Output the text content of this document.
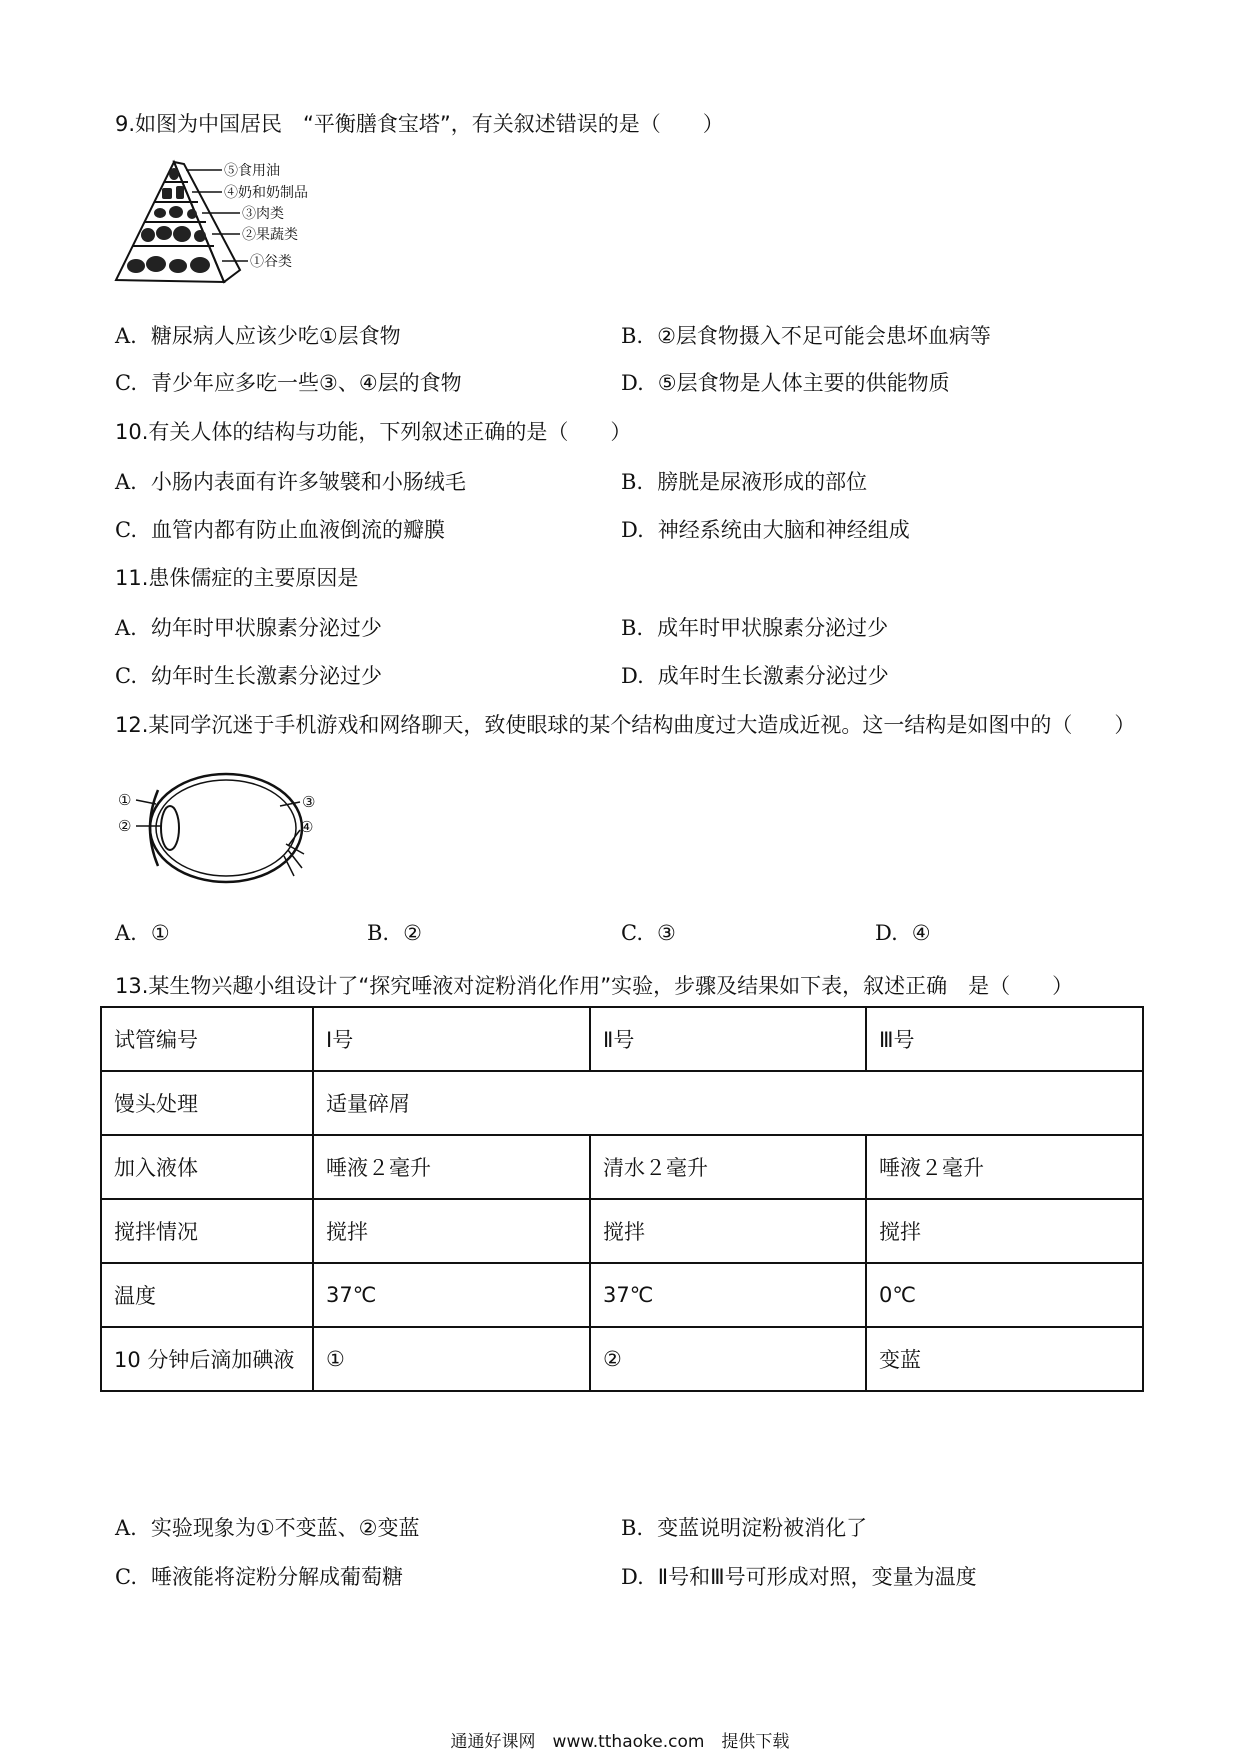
9.如图为中国居民　“平衡膳食宝塔”，有关叙述错误的是（　　）
⑤食用油
④奶和奶制品
③肉类
②果蔬类
①谷类
A. 糖尿病人应该少吃①层食物	B. ②层食物摄入不足可能会患坏血病等
C. 青少年应多吃一些③、④层的食物	D. ⑤层食物是人体主要的供能物质
10.有关人体的结构与功能，下列叙述正确的是（　　）
A. 小肠内表面有许多皱襞和小肠绒毛	B. 膀胱是尿液形成的部位
C. 血管内都有防止血液倒流的瓣膜	D. 神经系统由大脑和神经组成
11.患侏儒症的主要原因是
A. 幼年时甲状腺素分泌过少	B. 成年时甲状腺素分泌过少
C. 幼年时生长激素分泌过少	D. 成年时生长激素分泌过少
12.某同学沉迷于手机游戏和网络聊天，致使眼球的某个结构曲度过大造成近视。这一结构是如图中的（　　）
①
②
③
④
A. ①	B. ②	C. ③	D. ④
13.某生物兴趣小组设计了“探究唾液对淀粉消化作用”实验，步骤及结果如下表，叙述正确　是（　　）
试管编号	Ⅰ号	Ⅱ号	Ⅲ号
馒头处理	适量碎屑		
加入液体	唾液２毫升	清水２毫升	唾液２毫升
搅拌情况	搅拌	搅拌	搅拌
温度	37℃	37℃	0℃
10 分钟后滴加碘液	①	②	变蓝
A. 实验现象为①不变蓝、②变蓝	B. 变蓝说明淀粉被消化了
C. 唾液能将淀粉分解成葡萄糖	D. Ⅱ号和Ⅲ号可形成对照，变量为温度
通通好课网　www.tthaoke.com　提供下载
